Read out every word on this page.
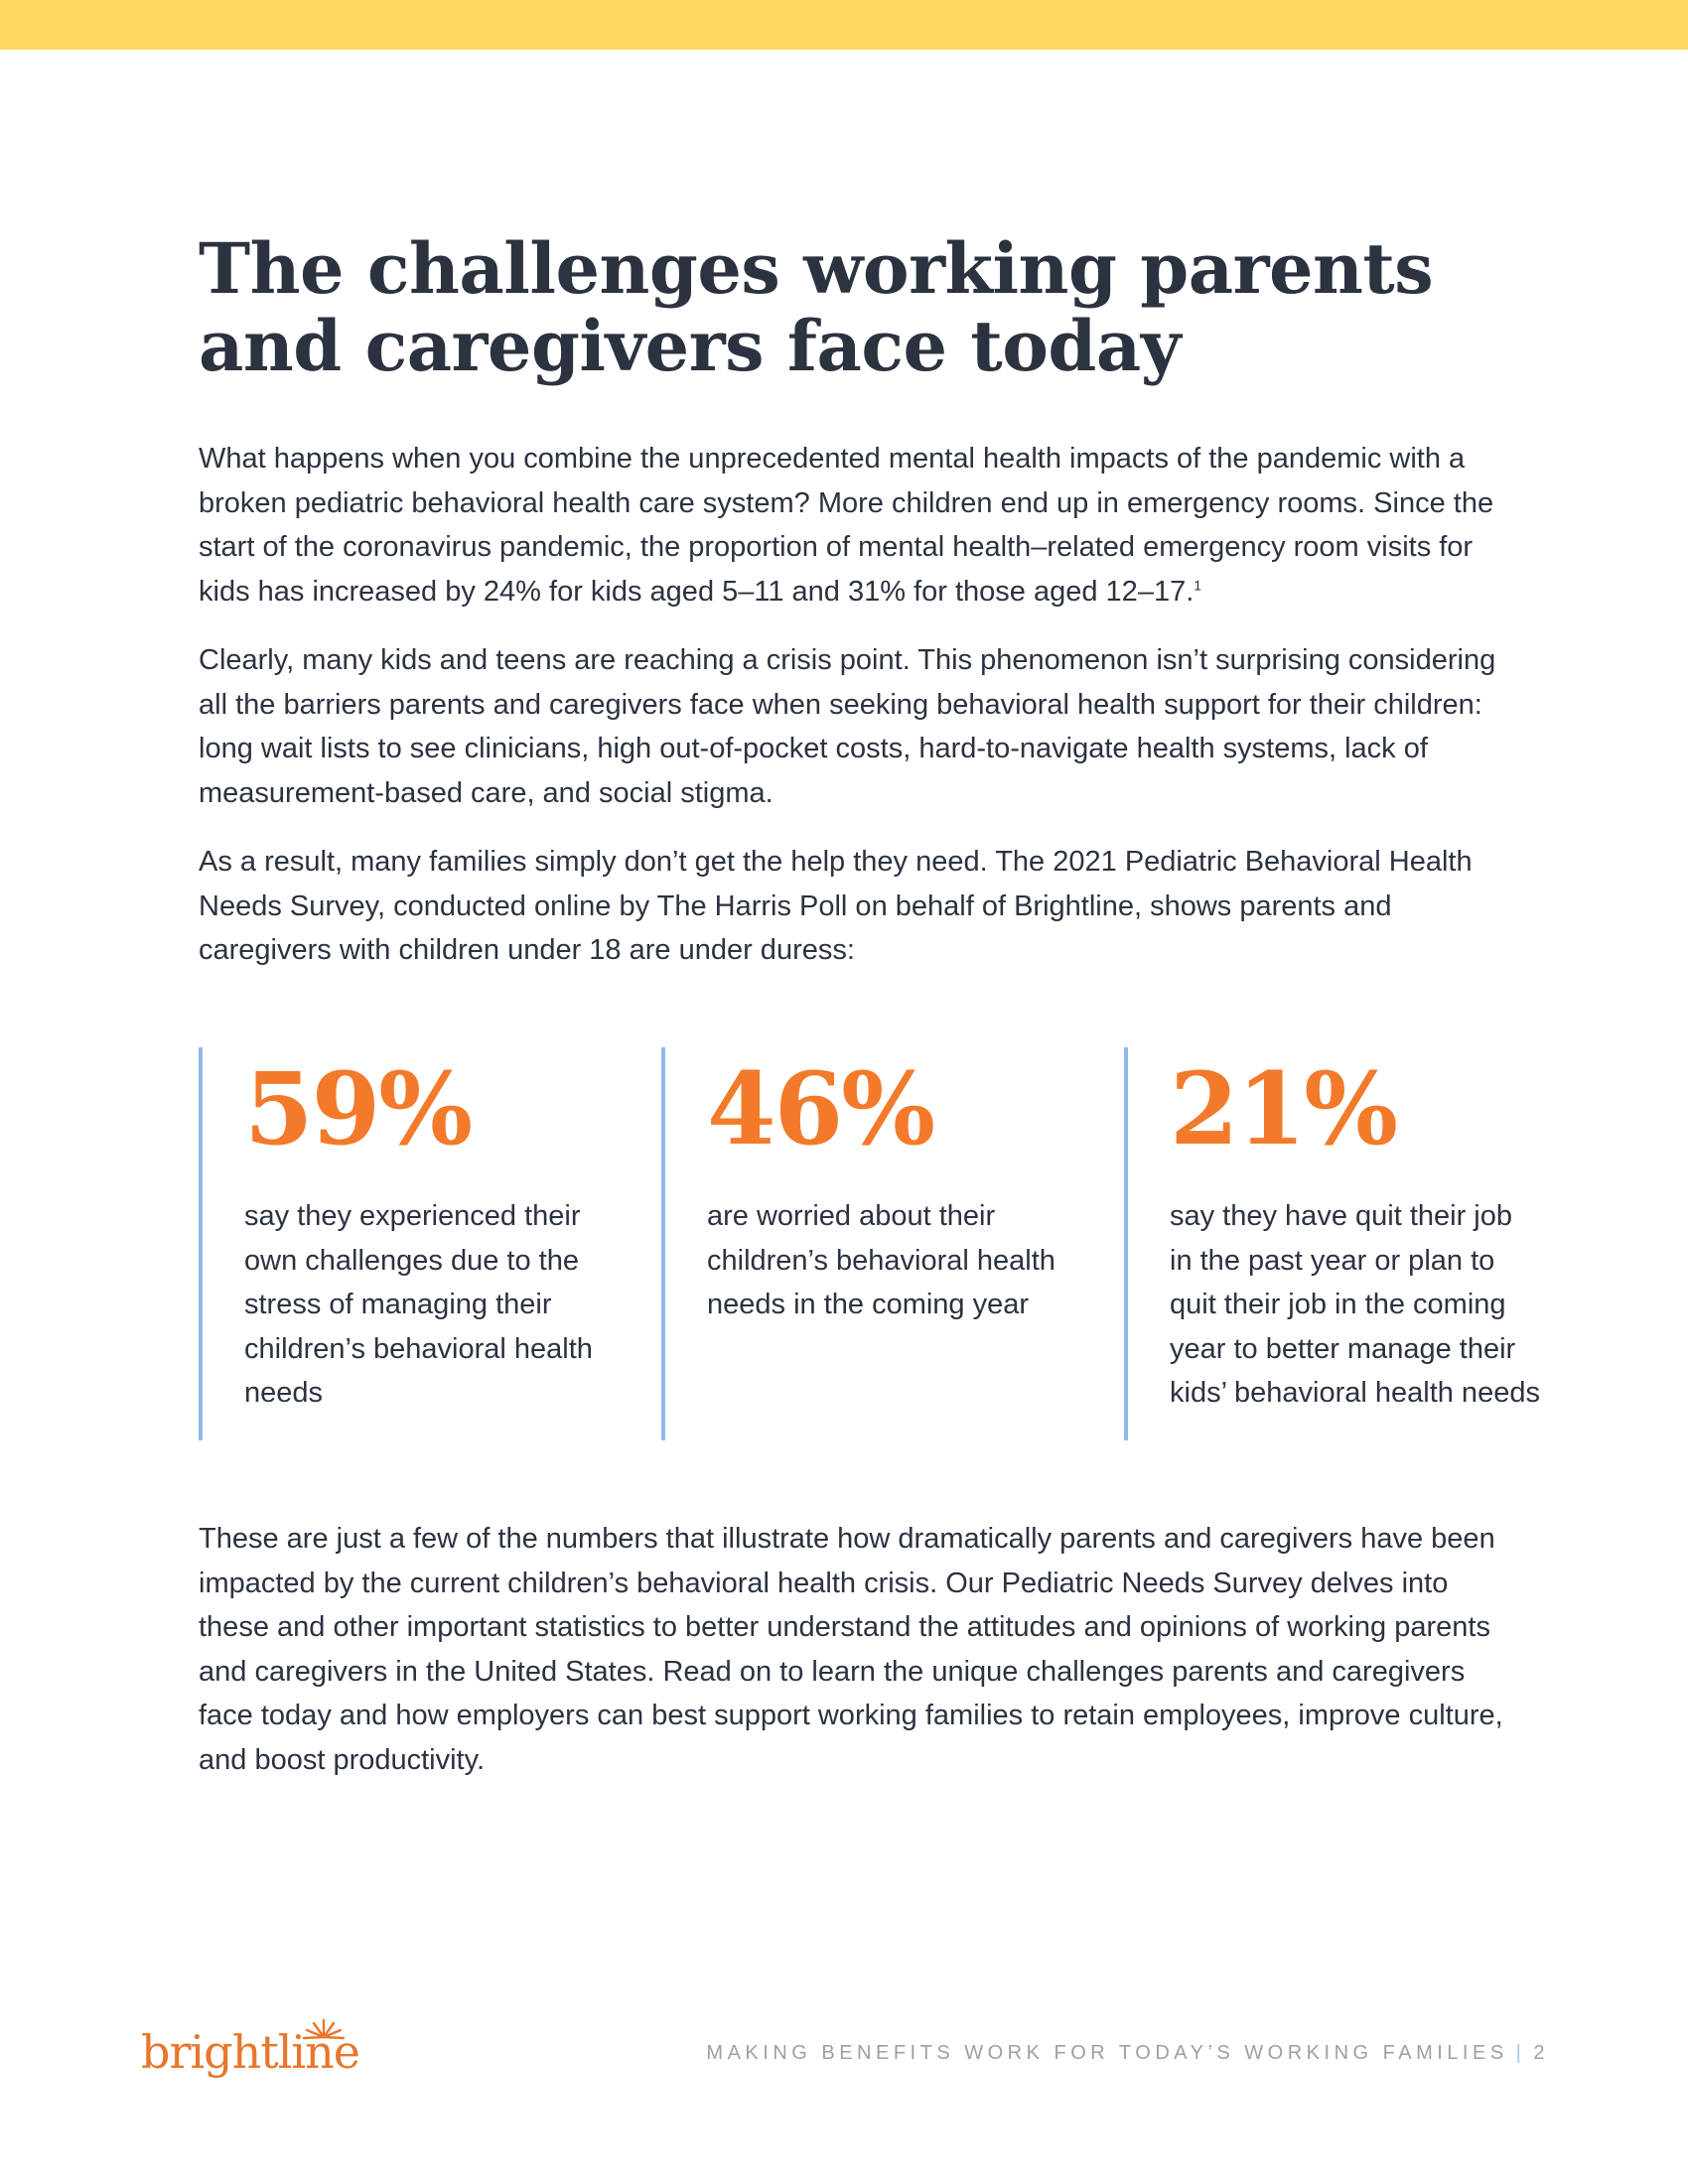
The challenges working parents and caregivers face today

What happens when you combine the unprecedented mental health impacts of the pandemic with a broken pediatric behavioral health care system? More children end up in emergency rooms. Since the start of the coronavirus pandemic, the proportion of mental health–related emergency room visits for kids has increased by 24% for kids aged 5–11 and 31% for those aged 12–17.$^1$

Clearly, many kids and teens are reaching a crisis point. This phenomenon isn’t surprising considering all the barriers parents and caregivers face when seeking behavioral health support for their children: long wait lists to see clinicians, high out-of-pocket costs, hard-to-navigate health systems, lack of measurement-based care, and social stigma.

As a result, many families simply don’t get the help they need. The 2021 Pediatric Behavioral Health Needs Survey, conducted online by The Harris Poll on behalf of Brightline, shows parents and caregivers with children under 18 are under duress:

59%

say they experienced their own challenges due to the stress of managing their children’s behavioral health needs

46%

are worried about their children’s behavioral health needs in the coming year

21%

say they have quit their job in the past year or plan to quit their job in the coming year to better manage their kids’ behavioral health needs

These are just a few of the numbers that illustrate how dramatically parents and caregivers have been impacted by the current children’s behavioral health crisis. Our Pediatric Needs Survey delves into these and other important statistics to better understand the attitudes and opinions of working parents and caregivers in the United States. Read on to learn the unique challenges parents and caregivers face today and how employers can best support working families to retain employees, improve culture, and boost productivity.

brightline	MAKING BENEFITS WORK FOR TODAY’S WORKING FAMILIES | 2
